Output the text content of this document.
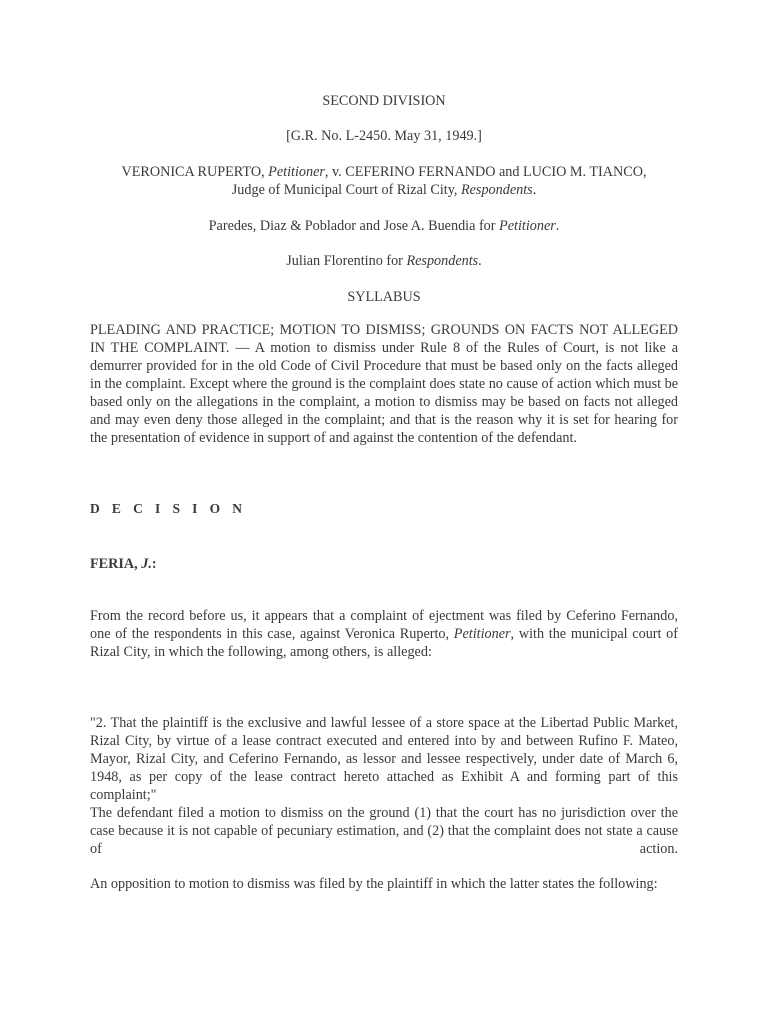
SECOND DIVISION

[G.R. No. L-2450. May 31, 1949.]

VERONICA RUPERTO, Petitioner, v. CEFERINO FERNANDO and LUCIO M. TIANCO,
Judge of Municipal Court of Rizal City, Respondents.

Paredes, Diaz & Poblador and Jose A. Buendia for Petitioner.

Julian Florentino for Respondents.

SYLLABUS

PLEADING AND PRACTICE; MOTION TO DISMISS; GROUNDS ON FACTS NOT ALLEGED IN THE COMPLAINT. — A motion to dismiss under Rule 8 of the Rules of Court, is not like a demurrer provided for in the old Code of Civil Procedure that must be based only on the facts alleged in the complaint. Except where the ground is the complaint does state no cause of action which must be based only on the allegations in the complaint, a motion to dismiss may be based on facts not alleged and may even deny those alleged in the complaint; and that is the reason why it is set for hearing for the presentation of evidence in support of and against the contention of the defendant.

D E C I S I O N

FERIA, J.:

From the record before us, it appears that a complaint of ejectment was filed by Ceferino Fernando, one of the respondents in this case, against Veronica Ruperto, Petitioner, with the municipal court of Rizal City, in which the following, among others, is alleged:

"2. That the plaintiff is the exclusive and lawful lessee of a store space at the Libertad Public Market, Rizal City, by virtue of a lease contract executed and entered into by and between Rufino F. Mateo, Mayor, Rizal City, and Ceferino Fernando, as lessor and lessee respectively, under date of March 6, 1948, as per copy of the lease contract hereto attached as Exhibit A and forming part of this complaint;"

The defendant filed a motion to dismiss on the ground (1) that the court has no jurisdiction over the case because it is not capable of pecuniary estimation, and (2) that the complaint does not state a cause of action.

An opposition to motion to dismiss was filed by the plaintiff in which the latter states the following:
